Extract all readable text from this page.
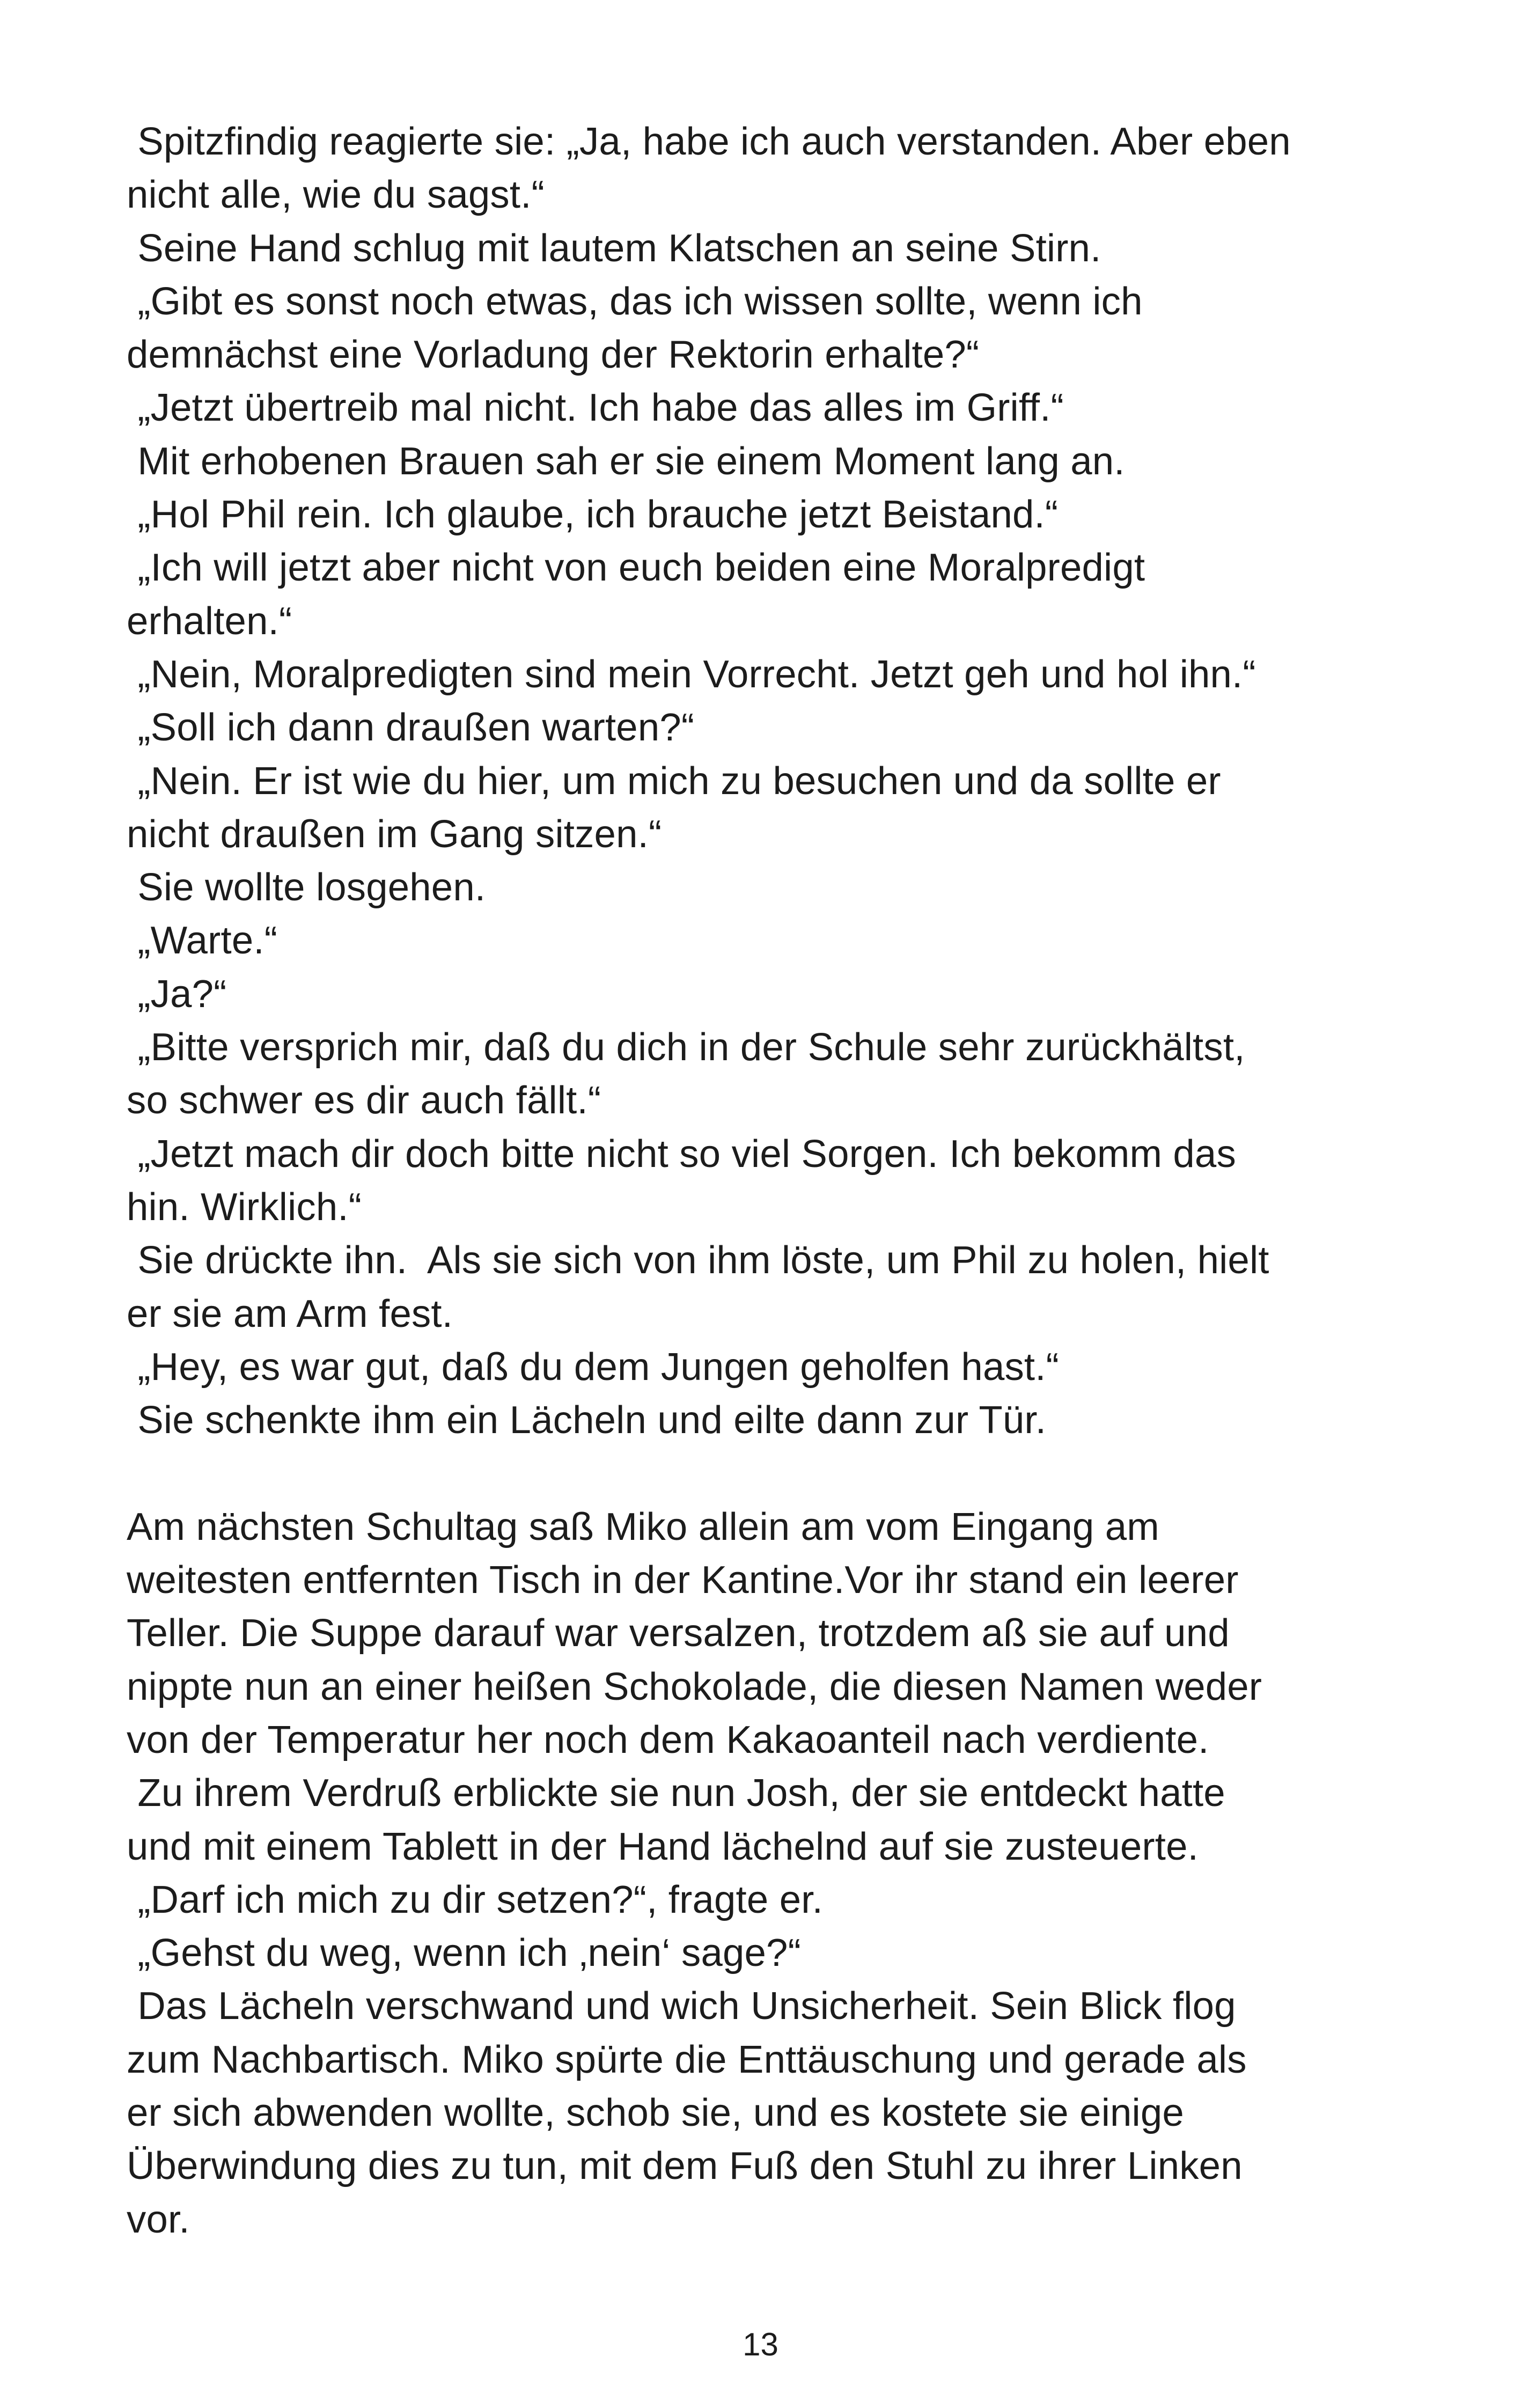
Spitzfindig reagierte sie: „Ja, habe ich auch verstanden. Aber eben
nicht alle, wie du sagst.“
Seine Hand schlug mit lautem Klatschen an seine Stirn.
„Gibt es sonst noch etwas, das ich wissen sollte, wenn ich
demnächst eine Vorladung der Rektorin erhalte?“
„Jetzt übertreib mal nicht. Ich habe das alles im Griff.“
Mit erhobenen Brauen sah er sie einem Moment lang an.
„Hol Phil rein. Ich glaube, ich brauche jetzt Beistand.“
„Ich will jetzt aber nicht von euch beiden eine Moralpredigt
erhalten.“
„Nein, Moralpredigten sind mein Vorrecht. Jetzt geh und hol ihn.“
„Soll ich dann draußen warten?“
„Nein. Er ist wie du hier, um mich zu besuchen und da sollte er
nicht draußen im Gang sitzen.“
Sie wollte losgehen.
„Warte.“
„Ja?“
„Bitte versprich mir, daß du dich in der Schule sehr zurückhältst,
so schwer es dir auch fällt.“
„Jetzt mach dir doch bitte nicht so viel Sorgen. Ich bekomm das
hin. Wirklich.“
Sie drückte ihn.  Als sie sich von ihm löste, um Phil zu holen, hielt
er sie am Arm fest.
„Hey, es war gut, daß du dem Jungen geholfen hast.“
Sie schenkte ihm ein Lächeln und eilte dann zur Tür.
Am nächsten Schultag saß Miko allein am vom Eingang am
weitesten entfernten Tisch in der Kantine.Vor ihr stand ein leerer
Teller. Die Suppe darauf war versalzen, trotzdem aß sie auf und
nippte nun an einer heißen Schokolade, die diesen Namen weder
von der Temperatur her noch dem Kakaoanteil nach verdiente.
Zu ihrem Verdruß erblickte sie nun Josh, der sie entdeckt hatte
und mit einem Tablett in der Hand lächelnd auf sie zusteuerte.
„Darf ich mich zu dir setzen?“, fragte er.
„Gehst du weg, wenn ich ‚nein‘ sage?“
Das Lächeln verschwand und wich Unsicherheit. Sein Blick flog
zum Nachbartisch. Miko spürte die Enttäuschung und gerade als
er sich abwenden wollte, schob sie, und es kostete sie einige
Überwindung dies zu tun, mit dem Fuß den Stuhl zu ihrer Linken
vor.
13
